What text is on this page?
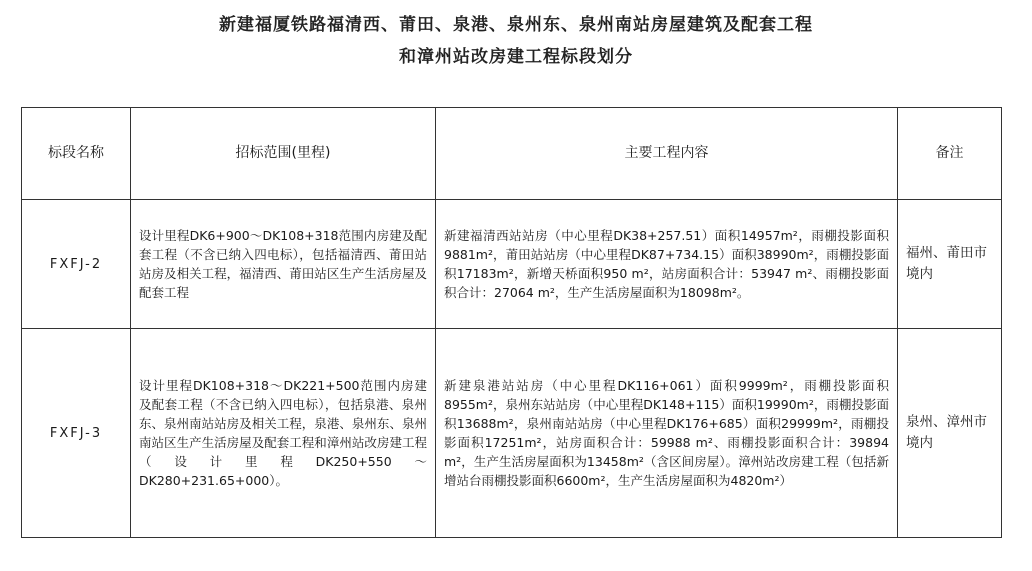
新建福厦铁路福清西、莆田、泉港、泉州东、泉州南站房屋建筑及配套工程
和漳州站改房建工程标段划分
标段名称	招标范围(里程)	主要工程内容	备注
FXFJ-2	设计里程DK6+900～DK108+318范围内房建及配套工程（不含已纳入四电标），包括福清西、莆田站站房及相关工程，福清西、莆田站区生产生活房屋及配套工程	新建福清西站站房（中心里程DK38+257.51）面积14957m²，雨棚投影面积9881m²，莆田站站房（中心里程DK87+734.15）面积38990m²，雨棚投影面积17183m²，新增天桥面积950 m²，站房面积合计：53947 m²、雨棚投影面积合计：27064 m²，生产生活房屋面积为18098m²。	福州、莆田市境内
FXFJ-3	设计里程DK108+318～DK221+500范围内房建及配套工程（不含已纳入四电标），包括泉港、泉州东、泉州南站站房及相关工程，泉港、泉州东、泉州南站区生产生活房屋及配套工程和漳州站改房建工程（设计里程DK250+550～DK280+231.65+000）。	新建泉港站站房（中心里程DK116+061）面积9999m²，雨棚投影面积8955m²，泉州东站站房（中心里程DK148+115）面积19990m²，雨棚投影面积13688m²，泉州南站站房（中心里程DK176+685）面积29999m²，雨棚投影面积17251m²，站房面积合计：59988 m²、雨棚投影面积合计：39894 m²，生产生活房屋面积为13458m²（含区间房屋）。漳州站改房建工程（包括新增站台雨棚投影面积6600m²，生产生活房屋面积为4820m²）	泉州、漳州市境内
